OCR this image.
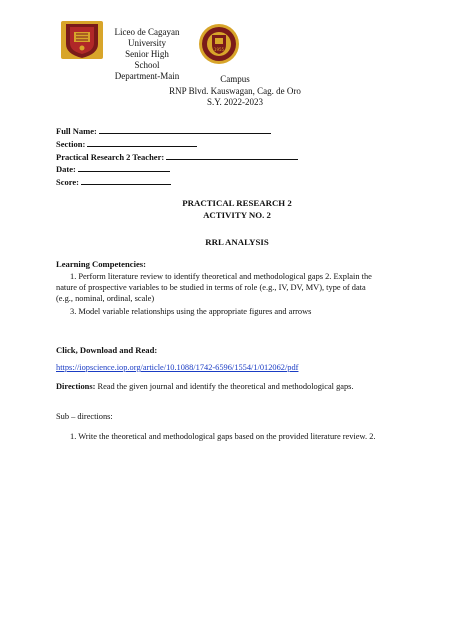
1955
Liceo de Cagayan
University
Senior High School
Department-Main	Campus
RNP Blvd. Kauswagan, Cag. de Oro
S.Y. 2022-2023
Full Name:
Section:
Practical Research 2 Teacher:
Date:
Score:
PRACTICAL RESEARCH 2
ACTIVITY NO. 2
RRL ANALYSIS
Learning Competencies:
1. Perform literature review to identify theoretical and methodological gaps 2. Explain the
nature of prospective variables to be studied in terms of role (e.g., IV, DV, MV), type of data
(e.g., nominal, ordinal, scale)
3. Model variable relationships using the appropriate figures and arrows
Click, Download and Read:
https://iopscience.iop.org/article/10.1088/1742-6596/1554/1/012062/pdf
Directions: Read the given journal and identify the theoretical and methodological gaps.
Sub – directions:
1. Write the theoretical and methodological gaps based on the provided literature review. 2.
